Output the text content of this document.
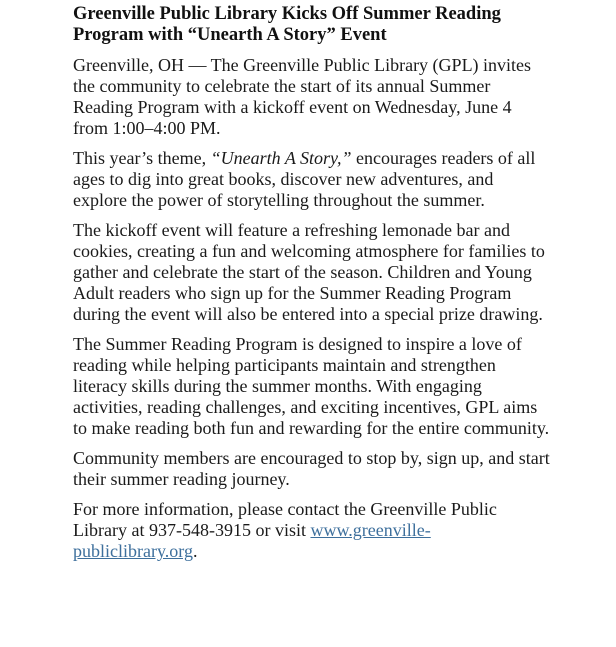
Greenville Public Library Kicks Off Summer Reading Program with “Unearth A Story” Event

Greenville, OH — The Greenville Public Library (GPL) invites the community to celebrate the start of its annual Summer Reading Program with a kickoff event on Wednesday, June 4 from 1:00–4:00 PM.

This year’s theme, “Unearth A Story,” encourages readers of all ages to dig into great books, discover new adventures, and explore the power of storytelling throughout the summer.

The kickoff event will feature a refreshing lemonade bar and cookies, creating a fun and welcoming atmosphere for families to gather and celebrate the start of the season. Children and Young Adult readers who sign up for the Summer Reading Program during the event will also be entered into a special prize drawing.

The Summer Reading Program is designed to inspire a love of reading while helping participants maintain and strengthen literacy skills during the summer months. With engaging activities, reading challenges, and exciting incentives, GPL aims to make reading both fun and rewarding for the entire community.

Community members are encouraged to stop by, sign up, and start their summer reading journey.

For more information, please contact the Greenville Public Library at 937-548-3915 or visit www.greenville-publiclibrary.org.
